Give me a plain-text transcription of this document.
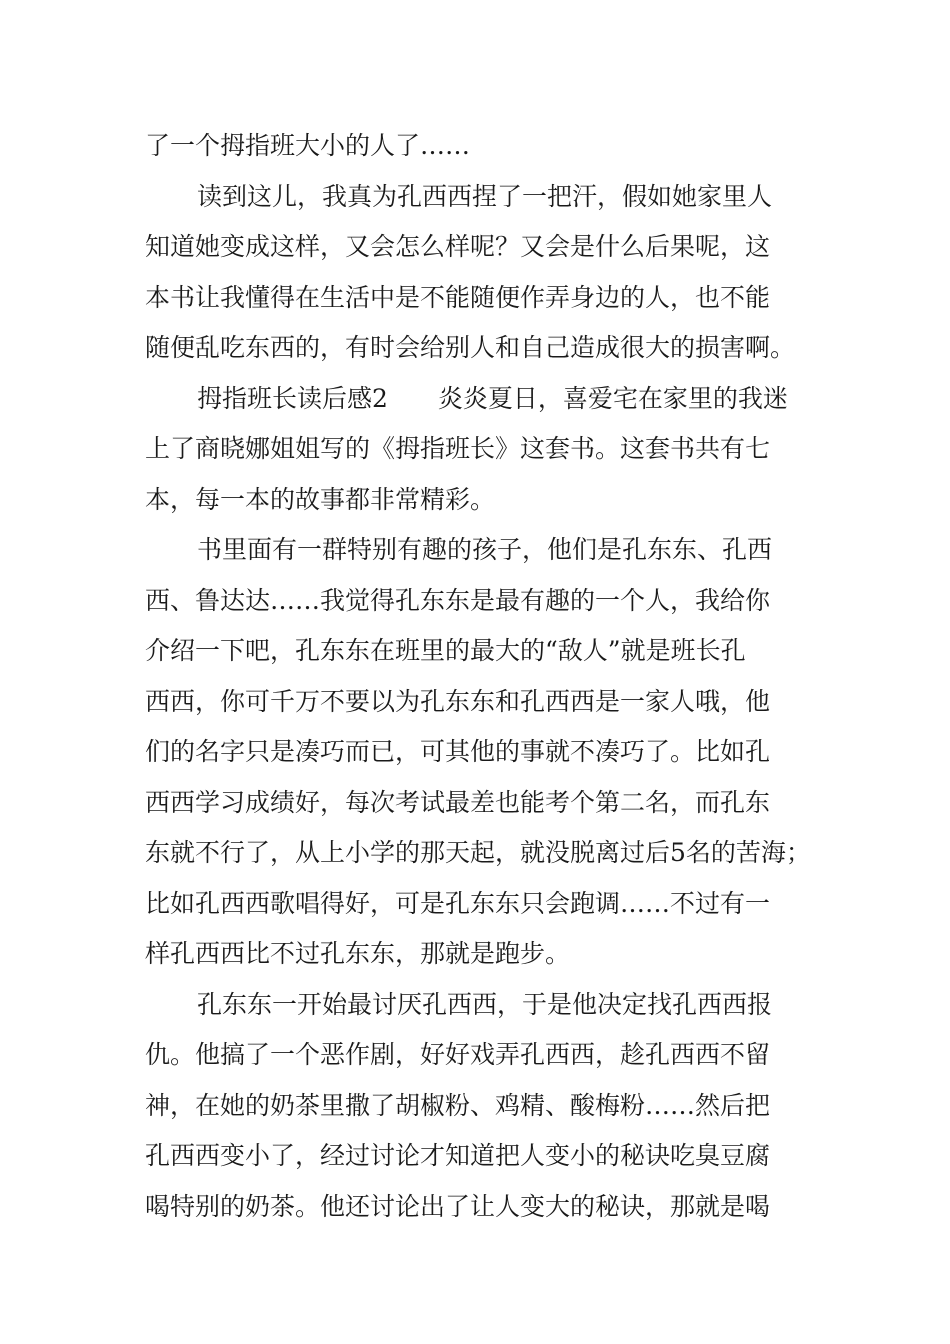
了一个拇指班大小的人了……
读到这儿，我真为孔西西捏了一把汗，假如她家里人
知道她变成这样，又会怎么样呢？又会是什么后果呢，这
本书让我懂得在生活中是不能随便作弄身边的人，也不能
随便乱吃东西的，有时会给别人和自己造成很大的损害啊。
拇指班长读后感2　　炎炎夏日，喜爱宅在家里的我迷
上了商晓娜姐姐写的《拇指班长》这套书。这套书共有七
本，每一本的故事都非常精彩。
书里面有一群特别有趣的孩子，他们是孔东东、孔西
西、鲁达达……我觉得孔东东是最有趣的一个人，我给你
介绍一下吧，孔东东在班里的最大的“敌人”就是班长孔
西西，你可千万不要以为孔东东和孔西西是一家人哦，他
们的名字只是凑巧而已，可其他的事就不凑巧了。比如孔
西西学习成绩好，每次考试最差也能考个第二名，而孔东
东就不行了，从上小学的那天起，就没脱离过后5名的苦海；
比如孔西西歌唱得好，可是孔东东只会跑调……不过有一
样孔西西比不过孔东东，那就是跑步。
孔东东一开始最讨厌孔西西，于是他决定找孔西西报
仇。他搞了一个恶作剧，好好戏弄孔西西，趁孔西西不留
神，在她的奶茶里撒了胡椒粉、鸡精、酸梅粉……然后把
孔西西变小了，经过讨论才知道把人变小的秘诀吃臭豆腐
喝特别的奶茶。他还讨论出了让人变大的秘诀，那就是喝
